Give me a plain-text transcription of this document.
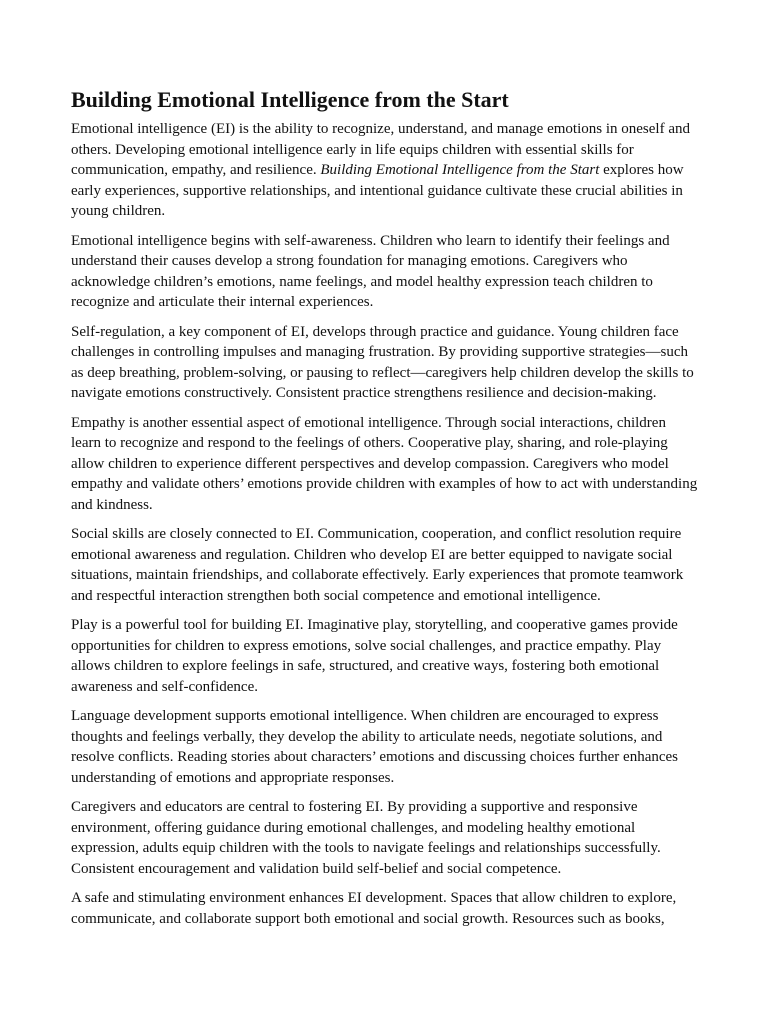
Building Emotional Intelligence from the Start

Emotional intelligence (EI) is the ability to recognize, understand, and manage emotions in oneself and others. Developing emotional intelligence early in life equips children with essential skills for communication, empathy, and resilience. Building Emotional Intelligence from the Start explores how early experiences, supportive relationships, and intentional guidance cultivate these crucial abilities in young children.

Emotional intelligence begins with self-awareness. Children who learn to identify their feelings and understand their causes develop a strong foundation for managing emotions. Caregivers who acknowledge children’s emotions, name feelings, and model healthy expression teach children to recognize and articulate their internal experiences.

Self-regulation, a key component of EI, develops through practice and guidance. Young children face challenges in controlling impulses and managing frustration. By providing supportive strategies—such as deep breathing, problem-solving, or pausing to reflect—caregivers help children develop the skills to navigate emotions constructively. Consistent practice strengthens resilience and decision-making.

Empathy is another essential aspect of emotional intelligence. Through social interactions, children learn to recognize and respond to the feelings of others. Cooperative play, sharing, and role-playing allow children to experience different perspectives and develop compassion. Caregivers who model empathy and validate others’ emotions provide children with examples of how to act with understanding and kindness.

Social skills are closely connected to EI. Communication, cooperation, and conflict resolution require emotional awareness and regulation. Children who develop EI are better equipped to navigate social situations, maintain friendships, and collaborate effectively. Early experiences that promote teamwork and respectful interaction strengthen both social competence and emotional intelligence.

Play is a powerful tool for building EI. Imaginative play, storytelling, and cooperative games provide opportunities for children to express emotions, solve social challenges, and practice empathy. Play allows children to explore feelings in safe, structured, and creative ways, fostering both emotional awareness and self-confidence.

Language development supports emotional intelligence. When children are encouraged to express thoughts and feelings verbally, they develop the ability to articulate needs, negotiate solutions, and resolve conflicts. Reading stories about characters’ emotions and discussing choices further enhances understanding of emotions and appropriate responses.

Caregivers and educators are central to fostering EI. By providing a supportive and responsive environment, offering guidance during emotional challenges, and modeling healthy emotional expression, adults equip children with the tools to navigate feelings and relationships successfully. Consistent encouragement and validation build self-belief and social competence.

A safe and stimulating environment enhances EI development. Spaces that allow children to explore, communicate, and collaborate support both emotional and social growth. Resources such as books,
